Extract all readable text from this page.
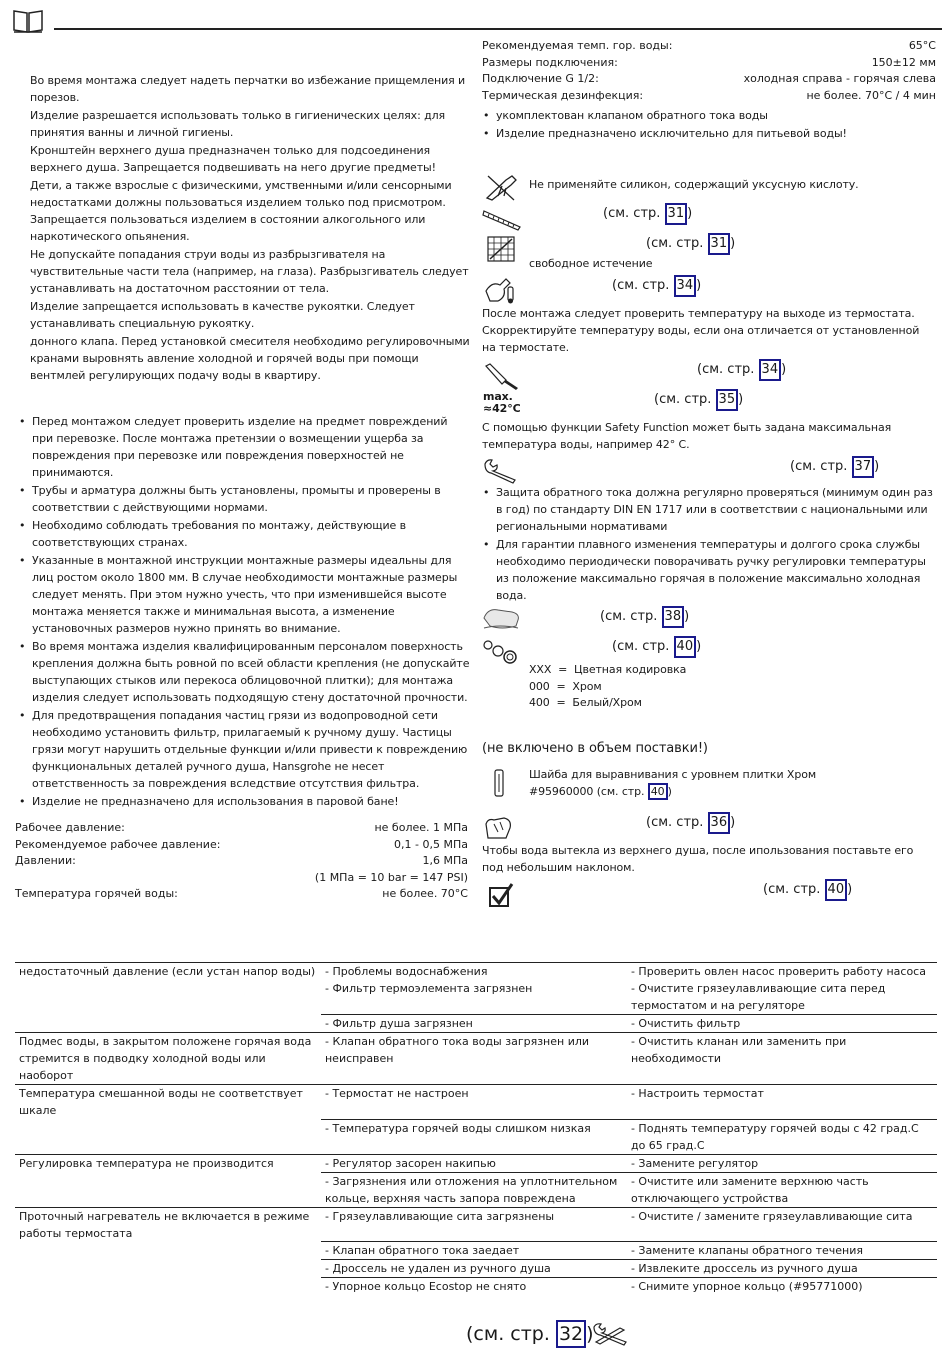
Во время монтажа следует надеть перчатки во избежание прищемления и порезов.

Изделие разрешается использовать только в гигиенических целях: для принятия ванны и личной гигиены.

Кронштейн верхнего душа предназначен только для подсоединения верхнего душа. Запрещается подвешивать на него другие предметы!

Дети, а также взрослые с физическими, умственными и/или сенсорными недостатками должны пользоваться изделием только под присмотром. Запрещается пользоваться изделием в состоянии алкогольного или наркотического опьянения.

Не допускайте попадания струи воды из разбрызгивателя на чувствительные части тела (например, на глаза). Разбрызгиватель следует устанавливать на достаточном расстоянии от тела.

Изделие запрещается использовать в качестве рукоятки. Следует устанавливать специальную рукоятку.

донного клапа. Перед установкой смесителя необходимо регулировочными кранами выровнять авление холодной и горячей воды при помощи вентмлей регулирующих подачу воды в квартиру.

• Перед монтажом следует проверить изделие на предмет повреждений при перевозке. После монтажа претензии о возмещении ущерба за повреждения при перевозке или повреждения поверхностей не принимаются.
• Трубы и арматура должны быть установлены, промыты и проверены в соответствии с действующими нормами.
• Необходимо соблюдать требования по монтажу, действующие в соответствующих странах.
• Указанные в монтажной инструкции монтажные размеры идеальны для лиц ростом около 1800 мм. В случае необходимости монтажные размеры следует менять. При этом нужно учесть, что при изменившейся высоте монтажа меняется также и минимальная высота, а изменение установочных размеров нужно принять во внимание.
• Во время монтажа изделия квалифицированным персоналом поверхность крепления должна быть ровной по всей области крепления (не допускайте выступающих стыков или перекоса облицовочной плитки); для монтажа изделия следует использовать подходящую стену достаточной прочности.
• Для предотвращения попадания частиц грязи из водопроводной сети необходимо установить фильтр, прилагаемый к ручному душу. Частицы грязи могут нарушить отдельные функции и/или привести к повреждению функциональных деталей ручного душа, Hansgrohe не несет ответственность за повреждения вследствие отсутствия фильтра.
• Изделие не предназначено для использования в паровой бане!
Рабочее давление:	не более. 1 МПа
Рекомендуемое рабочее давление:	0,1 - 0,5 МПа
Давлении:	1,6 МПа
(1 МПа = 10 bar = 147 PSI)
Температура горячей воды:	не более. 70°C
Рекомендуемая темп. гор. воды:	65°C
Размеры подключения:	150±12 мм
Подключение G 1/2:	холодная справа - горячая слева
Термическая дезинфекция:	не более. 70°C / 4 мин
• укомплектован клапаном обратного тока воды
• Изделие предназначено исключительно для питьевой воды!
Не применяйте силикон, содержащий уксусную кислоту.
(см. стр. 31 )
(см. стр. 31 )
свободное истечение
(см. стр. 34 )
После монтажа следует проверить температуру на выходе из термостата. Скорректируйте температуру воды, если она отличается от установленной на термостате.
(см. стр. 34 )
max.
≈42°C
(см. стр. 35 )
С помощью функции Safety Function может быть задана максимальная температура воды, например 42° C.
(см. стр. 37 )
• Защита обратного тока должна регулярно проверяться (минимум один раз в год) по стандарту DIN EN 1717 или в соответствии с национальными или региональными нормативами
• Для гарантии плавного изменения температуры и долгого срока службы необходимо периодически поворачивать ручку регулировки температуры из положение максимально горячая в положение максимально холодная вода.
(см. стр. 38 )
(см. стр. 40 )
XXX  =  Цветная кодировка
000  =  Хром
400  =  Белый/Хром
(не включено в объем поставки!)
Шайба для выравнивания с уровнем плитки Хром
#95960000 (см. стр. 40 )
(см. стр. 36 )
Чтобы вода вытекла из верхнего душа, после ипользования поставьте его под небольшим наклоном.
(см. стр. 40 )
недостаточный давление (если устан напор воды)	- Проблемы водоснабжения	- Проверить овлен насос проверить работу насоса
	- Фильтр термоэлемента загрязнен	- Очистите грязеулавливающие сита перед термостатом и на регуляторе
	- Фильтр душа загрязнен	- Очистить фильтр
Подмес воды, в закрытом положене горячая вода стремится в подводку холодной воды или наоборот	- Клапан обратного тока воды загрязнен или неисправен	- Очистить кланан или заменить при необходимости
Температура смешанной воды не соответствует шкале	- Термостат не настроен	- Настроить термостат
	- Температура горячей воды слишком низкая	- Поднять температуру горячей воды с 42 град.С до 65 град.С
Регулировка температура не производится	- Регулятор засорен накипью	- Замените регулятор
	- Загрязнения или отложения на уплотнительном кольце, верхняя часть запора повреждена	- Очистите или замените верхнюю часть отключающего устройства
Проточный нагреватель не включается в режиме работы термостата	- Грязеулавливающие сита загрязнены	- Очистите / замените грязеулавливающие сита
	- Клапан обратного тока заедает	- Замените клапаны обратного течения
	- Дроссель не удален из ручного душа	- Извлеките дроссель из ручного душа
	- Упорное кольцо Ecostop не снято	- Снимите упорное кольцо (#95771000)
(см. стр. 32 )
